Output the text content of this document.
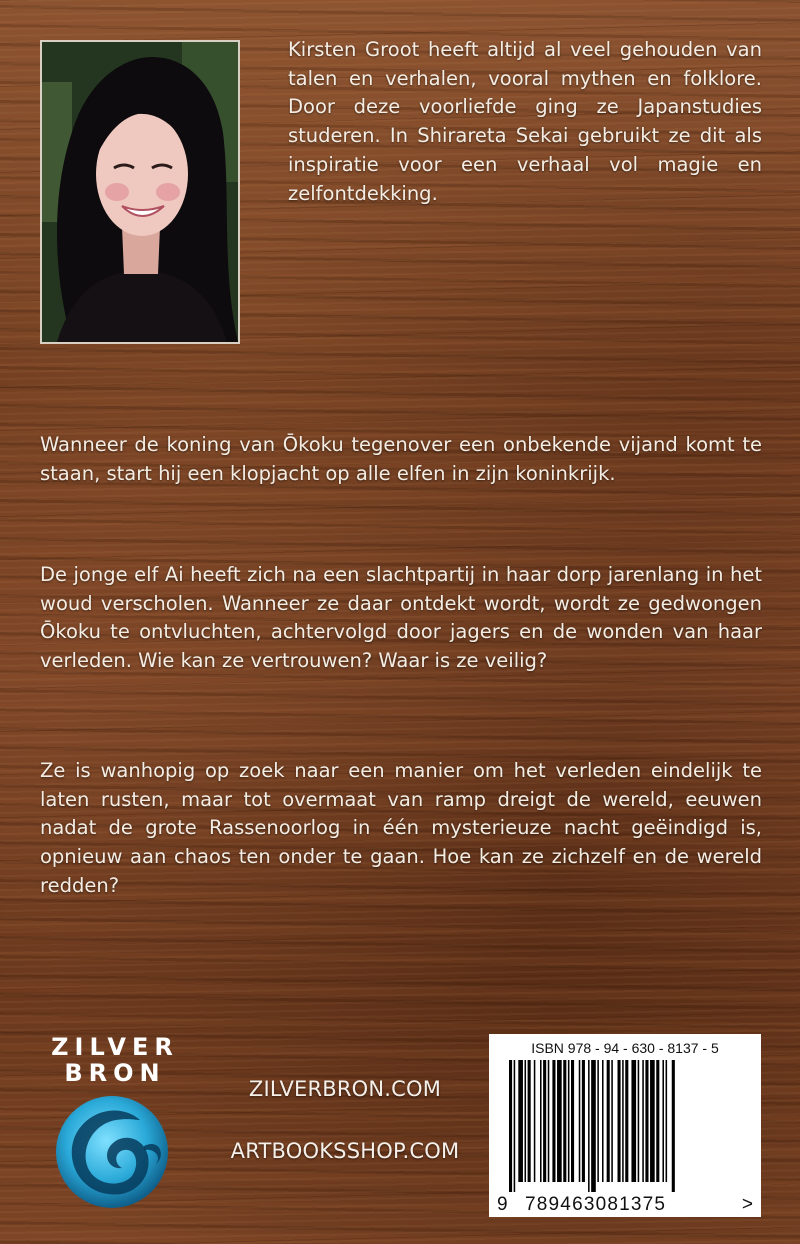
Kirsten Groot heeft altijd al veel gehouden van talen en verhalen, vooral mythen en folklore. Door deze voorliefde ging ze Japanstudies studeren. In Shirareta Sekai gebruikt ze dit als inspiratie voor een verhaal vol magie en zelfontdekking.

Wanneer de koning van Ōkoku tegenover een onbekende vijand komt te staan, start hij een klopjacht op alle elfen in zijn koninkrijk.

De jonge elf Ai heeft zich na een slachtpartij in haar dorp jarenlang in het woud verscholen. Wanneer ze daar ontdekt wordt, wordt ze gedwongen Ōkoku te ontvluchten, achtervolgd door jagers en de wonden van haar verleden. Wie kan ze vertrouwen? Waar is ze veilig?

Ze is wanhopig op zoek naar een manier om het verleden eindelijk te laten rusten, maar tot overmaat van ramp dreigt de wereld, eeuwen nadat de grote Rassenoorlog in één mysterieuze nacht geëindigd is, opnieuw aan chaos ten onder te gaan. Hoe kan ze zichzelf en de wereld redden?

ZILVER
BRON
ZILVERBRON.COM
ARTBOOKSSHOP.COM
ISBN 978 - 94 - 630 - 8137 - 5
9 789463081375	>
